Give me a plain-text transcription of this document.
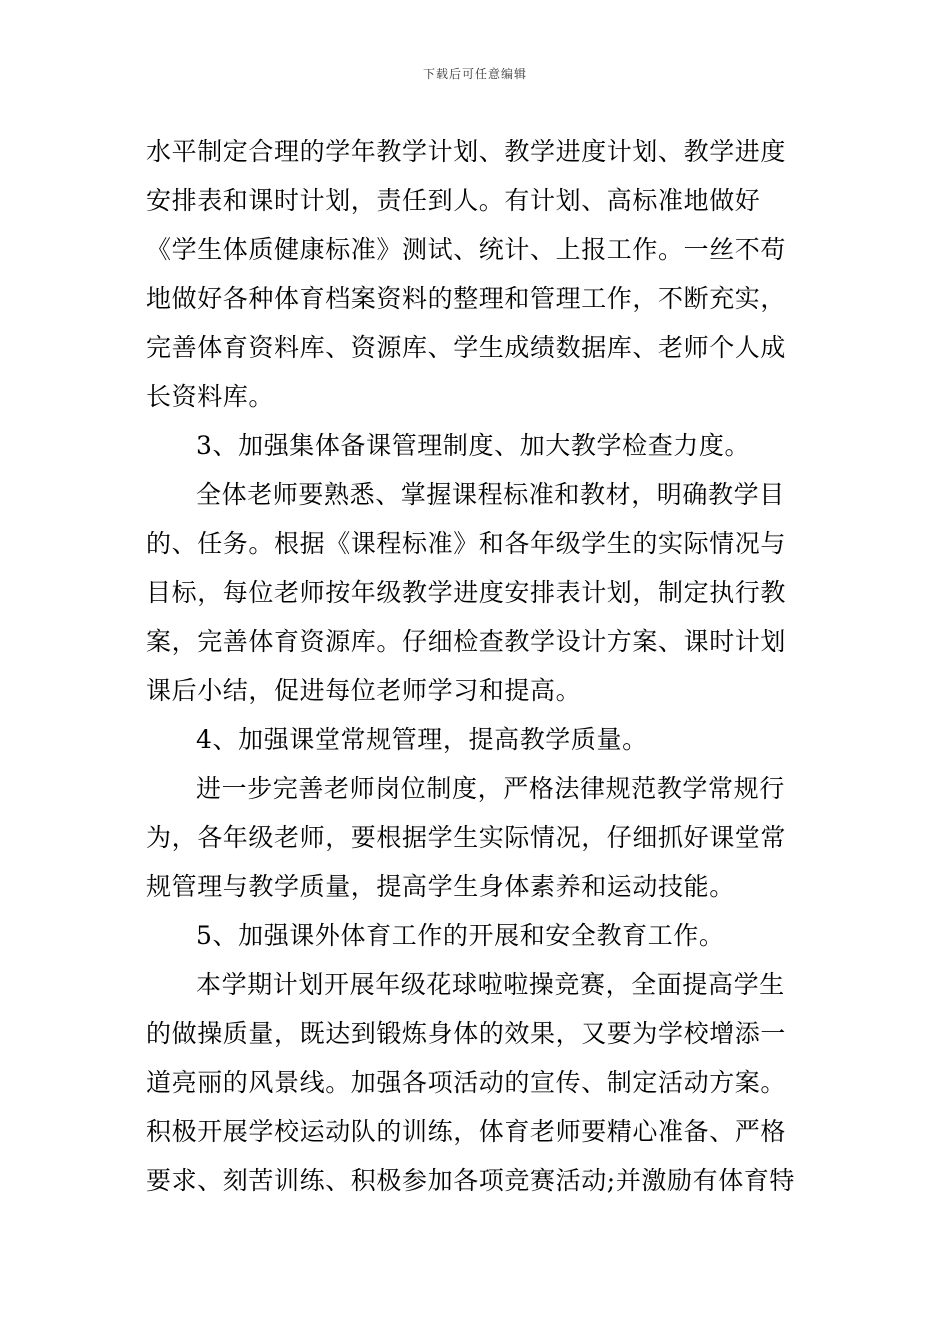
下载后可任意编辑
水平制定合理的学年教学计划、教学进度计划、教学进度
安排表和课时计划，责任到人。有计划、高标准地做好
《学生体质健康标准》测试、统计、上报工作。一丝不苟
地做好各种体育档案资料的整理和管理工作，不断充实，
完善体育资料库、资源库、学生成绩数据库、老师个人成
长资料库。
3、加强集体备课管理制度、加大教学检查力度。
全体老师要熟悉、掌握课程标准和教材，明确教学目
的、任务。根据《课程标准》和各年级学生的实际情况与
目标，每位老师按年级教学进度安排表计划，制定执行教
案，完善体育资源库。仔细检查教学设计方案、课时计划
课后小结，促进每位老师学习和提高。
4、加强课堂常规管理，提高教学质量。
进一步完善老师岗位制度，严格法律规范教学常规行
为，各年级老师，要根据学生实际情况，仔细抓好课堂常
规管理与教学质量，提高学生身体素养和运动技能。
5、加强课外体育工作的开展和安全教育工作。
本学期计划开展年级花球啦啦操竞赛，全面提高学生
的做操质量，既达到锻炼身体的效果，又要为学校增添一
道亮丽的风景线。加强各项活动的宣传、制定活动方案。
积极开展学校运动队的训练，体育老师要精心准备、严格
要求、刻苦训练、积极参加各项竞赛活动;并激励有体育特
